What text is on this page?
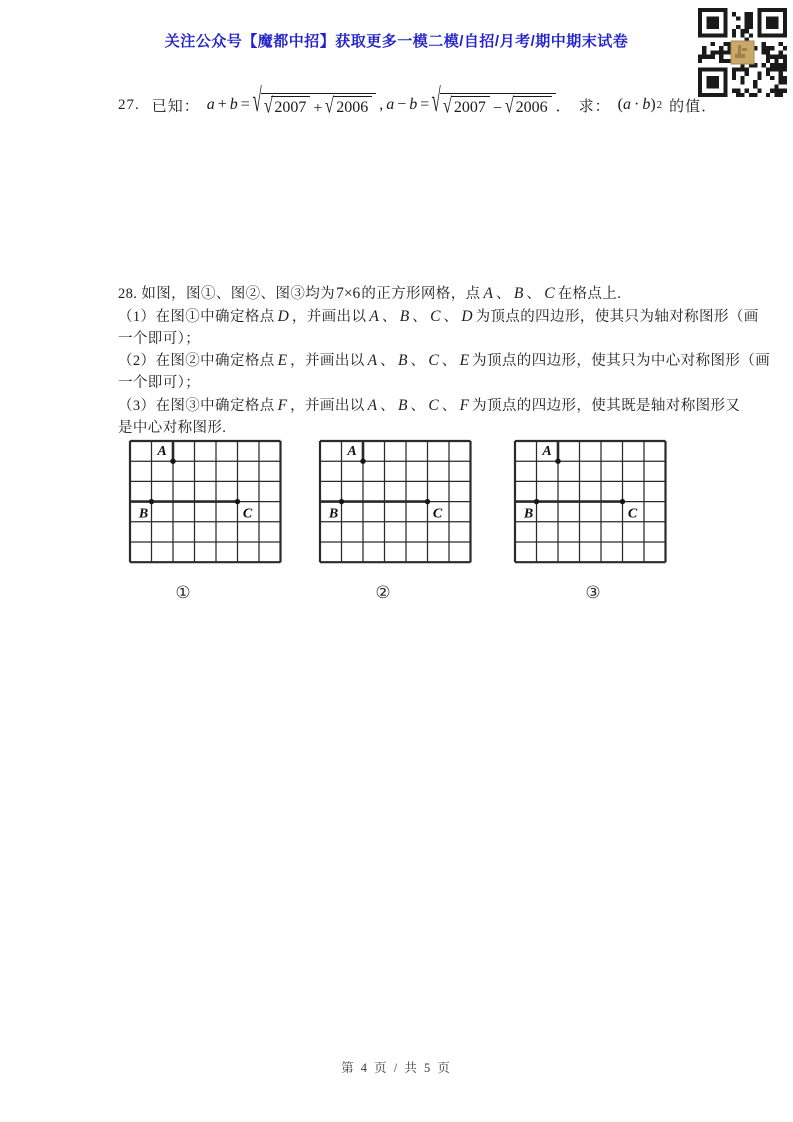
关注公众号【魔都中招】获取更多一模二模/自招/月考/期中期末试卷
27. 已知： a + b = √ √ 2007 + √ 2006 , a − b = √ √ 2007 − √ 2006 ． 求： ( a · b ) 2 的值．
28. 如图，图①、图②、图③均为7×6的正方形网格，点 A 、 B 、 C 在格点上.
（1）在图①中确定格点 D ，并画出以 A 、 B 、 C 、 D 为顶点的四边形，使其只为轴对称图形（画
一个即可）；
（2）在图②中确定格点 E ，并画出以 A 、 B 、 C 、 E 为顶点的四边形，使其只为中心对称图形（画
一个即可）；
（3）在图③中确定格点 F ，并画出以 A 、 B 、 C 、 F 为顶点的四边形，使其既是轴对称图形又
是中心对称图形.
A
B	C
A
B	C
A
B	C
①	②	③
第 4 页 / 共 5 页
